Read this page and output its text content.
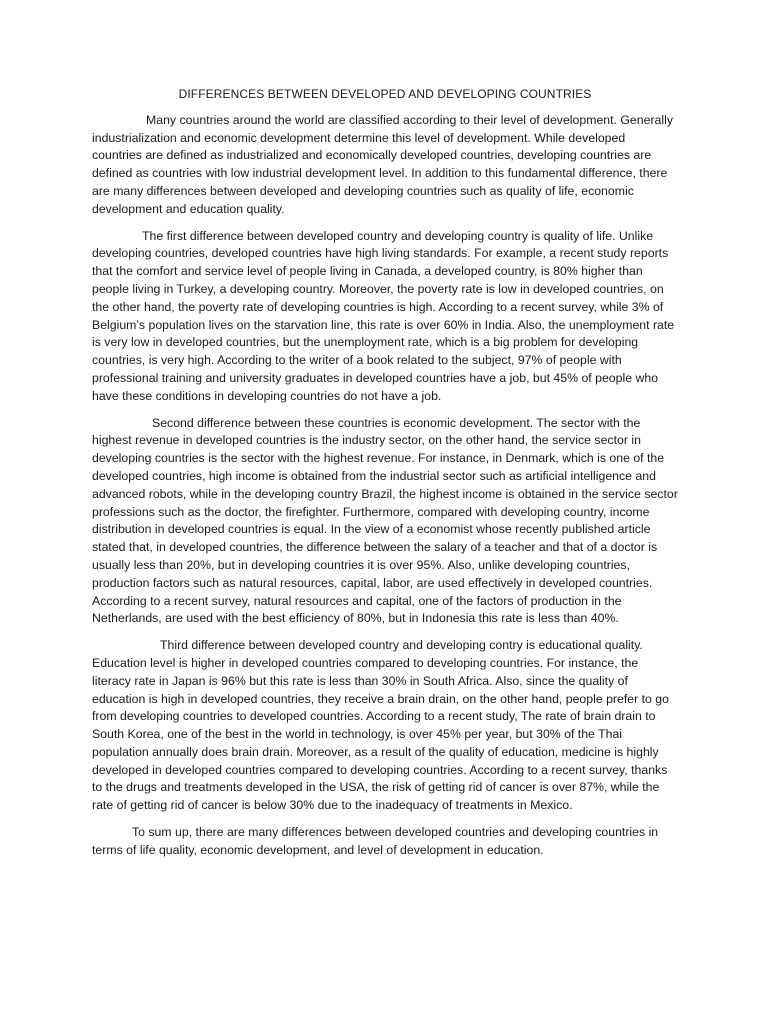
DIFFERENCES BETWEEN DEVELOPED AND DEVELOPING COUNTRIES

Many countries around the world are classified according to their level of development. Generally industrialization and economic development determine this level of development. While developed countries are defined as industrialized and economically developed countries, developing countries are defined as countries with low industrial development level. In addition to this fundamental difference, there are many differences between developed and developing countries such as quality of life, economic development and education quality.

The first difference between developed country and developing country is quality of life. Unlike developing countries, developed countries have high living standards. For example, a recent study reports that the comfort and service level of people living in Canada, a developed country, is 80% higher than people living in Turkey, a developing country. Moreover, the poverty rate is low in developed countries, on the other hand, the poverty rate of developing countries is high. According to a recent survey, while 3% of Belgium’s population lives on the starvation line, this rate is over 60% in India. Also, the unemployment rate is very low in developed countries, but the unemployment rate, which is a big problem for developing countries, is very high. According to the writer of a book related to the subject, 97% of people with professional training and university graduates in developed countries have a job, but 45% of people who have these conditions in developing countries do not have a job.

Second difference between these countries is economic development. The sector with the highest revenue in developed countries is the industry sector, on the other hand, the service sector in developing countries is the sector with the highest revenue. For instance, in Denmark, which is one of the developed countries, high income is obtained from the industrial sector such as artificial intelligence and advanced robots, while in the developing country Brazil, the highest income is obtained in the service sector professions such as the doctor, the firefighter. Furthermore, compared with developing country, income distribution in developed countries is equal. In the view of a economist whose recently published article stated that, in developed countries, the difference between the salary of a teacher and that of a doctor is usually less than 20%, but in developing countries it is over 95%. Also, unlike developing countries, production factors such as natural resources, capital, labor, are used effectively in developed countries. According to a recent survey, natural resources and capital, one of the factors of production in the Netherlands, are used with the best efficiency of 80%, but in Indonesia this rate is less than 40%.

Third difference between developed country and developing contry is educational quality. Education level is higher in developed countries compared to developing countries. For instance, the literacy rate in Japan is 96% but this rate is less than 30% in South Africa. Also, since the quality of education is high in developed countries, they receive a brain drain, on the other hand, people prefer to go from developing countries to developed countries. According to a recent study, The rate of brain drain to South Korea, one of the best in the world in technology, is over 45% per year, but 30% of the Thai population annually does brain drain. Moreover, as a result of the quality of education, medicine is highly developed in developed countries compared to developing countries. According to a recent survey, thanks to the drugs and treatments developed in the USA, the risk of getting rid of cancer is over 87%, while the rate of getting rid of cancer is below 30% due to the inadequacy of treatments in Mexico.

To sum up, there are many differences between developed countries and developing countries in terms of life quality, economic development, and level of development in education.
